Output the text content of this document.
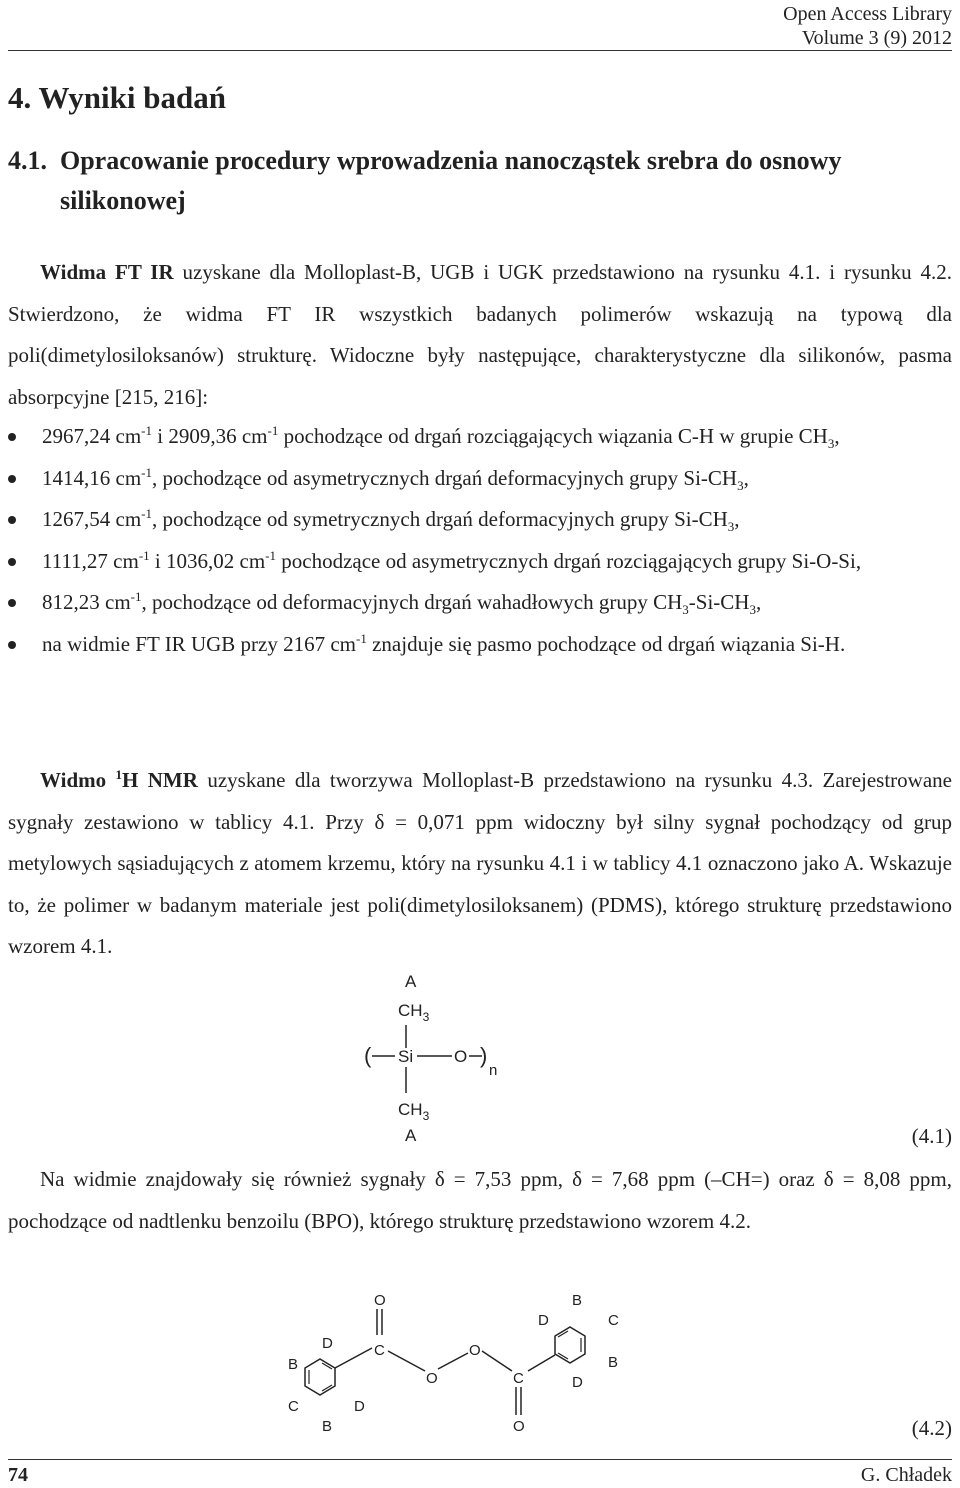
Open Access Library
Volume 3 (9) 2012
4. Wyniki badań
4.1. Opracowanie procedury wprowadzenia nanocząstek srebra do osnowy
silikonowej
Widma FT IR uzyskane dla Molloplast-B, UGB i UGK przedstawiono na rysunku 4.1. i rysunku 4.2. Stwierdzono, że widma FT IR wszystkich badanych polimerów wskazują na typową dla poli(dimetylosiloksanów) strukturę. Widoczne były następujące, charakterystyczne dla silikonów, pasma absorpcyjne [215, 216]:
2967,24 $cm^{-1}$ i 2909,36 $cm^{-1}$ pochodzące od drgań rozciągających wiązania C-H w grupie $CH_3$,
1414,16 $cm^{-1}$, pochodzące od asymetrycznych drgań deformacyjnych grupy $Si-CH_3$,
1267,54 $cm^{-1}$, pochodzące od symetrycznych drgań deformacyjnych grupy $Si-CH_3$,
1111,27 $cm^{-1}$ i 1036,02 $cm^{-1}$ pochodzące od asymetrycznych drgań rozciągających grupy Si-O-Si,
812,23 $cm^{-1}$, pochodzące od deformacyjnych drgań wahadłowych grupy $CH_3-Si-CH_3$,
na widmie FT IR UGB przy 2167 $cm^{-1}$ znajduje się pasmo pochodzące od drgań wiązania Si-H.
Widmo $^1$H NMR uzyskane dla tworzywa Molloplast-B przedstawiono na rysunku 4.3. Zarejestrowane sygnały zestawiono w tablicy 4.1. Przy δ = 0,071 ppm widoczny był silny sygnał pochodzący od grup metylowych sąsiadujących z atomem krzemu, który na rysunku 4.1 i w tablicy 4.1 oznaczono jako A. Wskazuje to, że polimer w badanym materiale jest poli(dimetylosiloksanem) (PDMS), którego strukturę przedstawiono wzorem 4.1.
A
$CH_3$
( Si O )
n
$CH_3$
A	(4.1)
Na widmie znajdowały się również sygnały δ = 7,53 ppm, δ = 7,68 ppm (–CH=) oraz δ = 8,08 ppm, pochodzące od nadtlenku benzoilu (BPO), którego strukturę przedstawiono wzorem 4.2.
D
B
C
B
D
C
O
O
O
C
O
D
B
C
B
D
(4.2)
74	G. Chładek
